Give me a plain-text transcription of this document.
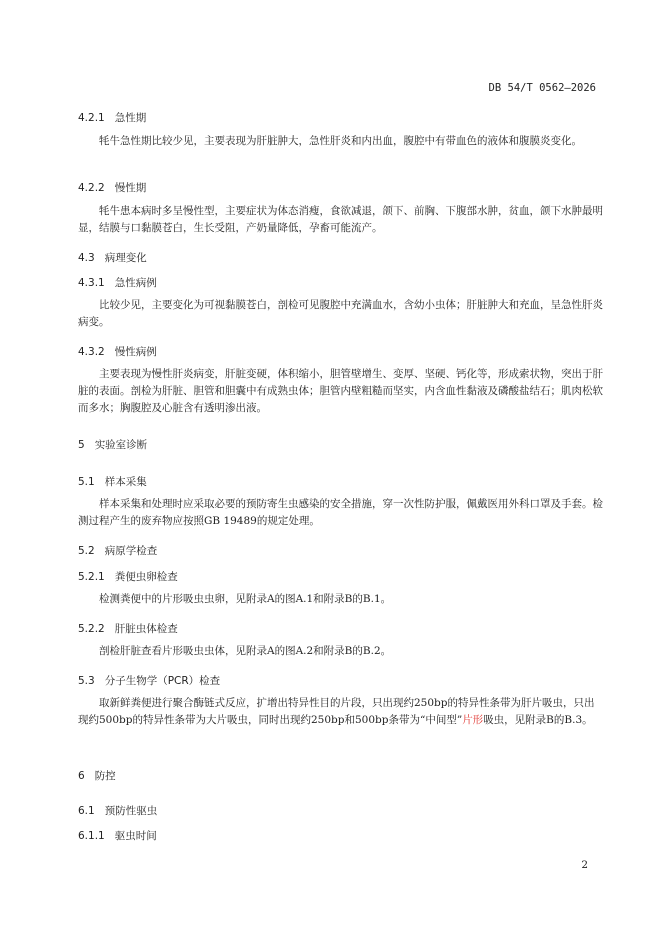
DB 54/T 0562—2026
4.2.1 急性期

牦牛急性期比较少见，主要表现为肝脏肿大，急性肝炎和内出血，腹腔中有带血色的液体和腹膜炎变化。

4.2.2 慢性期

牦牛患本病时多呈慢性型，主要症状为体态消瘦，食欲减退，颌下、前胸、下腹部水肿，贫血，颌下水肿最明显，结膜与口黏膜苍白，生长受阻，产奶量降低，孕畜可能流产。

4.3 病理变化
4.3.1 急性病例

比较少见，主要变化为可视黏膜苍白，剖检可见腹腔中充满血水，含幼小虫体；肝脏肿大和充血，呈急性肝炎病变。

4.3.2 慢性病例

主要表现为慢性肝炎病变，肝脏变硬，体积缩小，胆管壁增生、变厚、坚硬、钙化等，形成索状物，突出于肝脏的表面。剖检为肝脏、胆管和胆囊中有成熟虫体；胆管内壁粗糙而坚实，内含血性黏液及磷酸盐结石；肌肉松软而多水；胸腹腔及心脏含有透明渗出液。

5 实验室诊断
5.1 样本采集

样本采集和处理时应采取必要的预防寄生虫感染的安全措施，穿一次性防护服，佩戴医用外科口罩及手套。检测过程产生的废弃物应按照GB 19489的规定处理。

5.2 病原学检查
5.2.1 粪便虫卵检查

检测粪便中的片形吸虫虫卵，见附录A的图A.1和附录B的B.1。

5.2.2 肝脏虫体检查

剖检肝脏查看片形吸虫虫体，见附录A的图A.2和附录B的B.2。

5.3 分子生物学（PCR）检查

取新鲜粪便进行聚合酶链式反应，扩增出特异性目的片段，只出现约250bp的特异性条带为肝片吸虫，只出现约500bp的特异性条带为大片吸虫，同时出现约250bp和500bp条带为“中间型”片形吸虫，见附录B的B.3。

6 防控
6.1 预防性驱虫
6.1.1 驱虫时间
2
